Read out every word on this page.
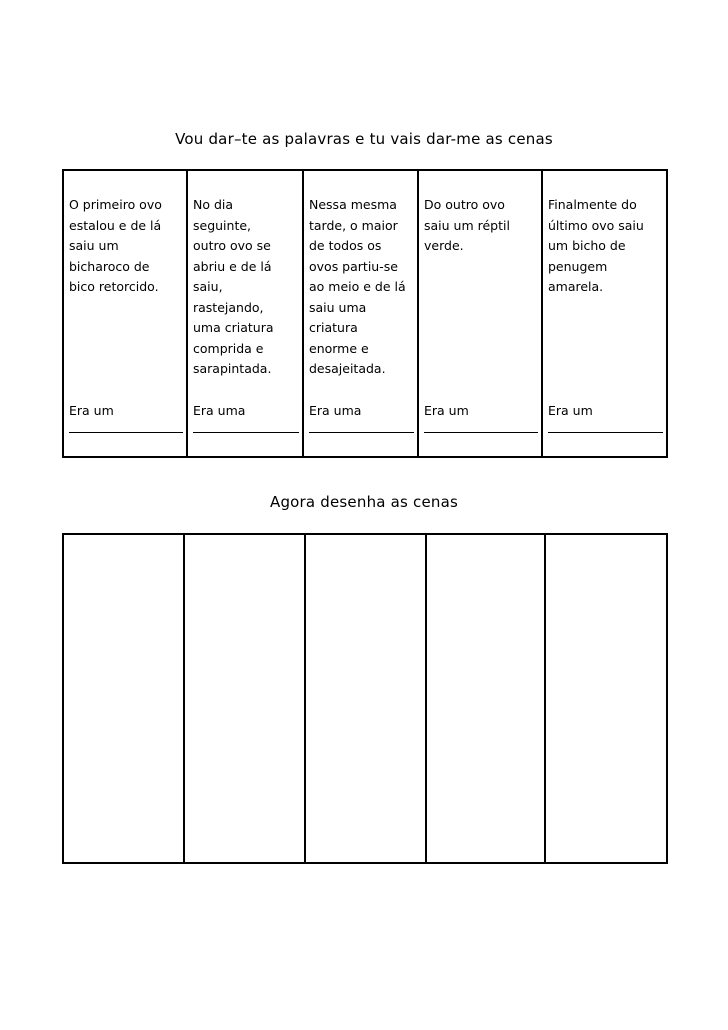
Vou dar–te as palavras e tu vais dar-me as cenas
O primeiro ovo
estalou e de lá
saiu um
bicharoco de
bico retorcido.
Era um

No dia
seguinte,
outro ovo se
abriu e de lá
saiu,
rastejando,
uma criatura
comprida e
sarapintada.
Era uma

Nessa mesma
tarde, o maior
de todos os
ovos partiu-se
ao meio e de lá
saiu uma
criatura
enorme e
desajeitada.
Era uma

Do outro ovo
saiu um réptil
verde.
Era um

Finalmente do
último ovo saiu
um bicho de
penugem
amarela.
Era um
Agora desenha as cenas
